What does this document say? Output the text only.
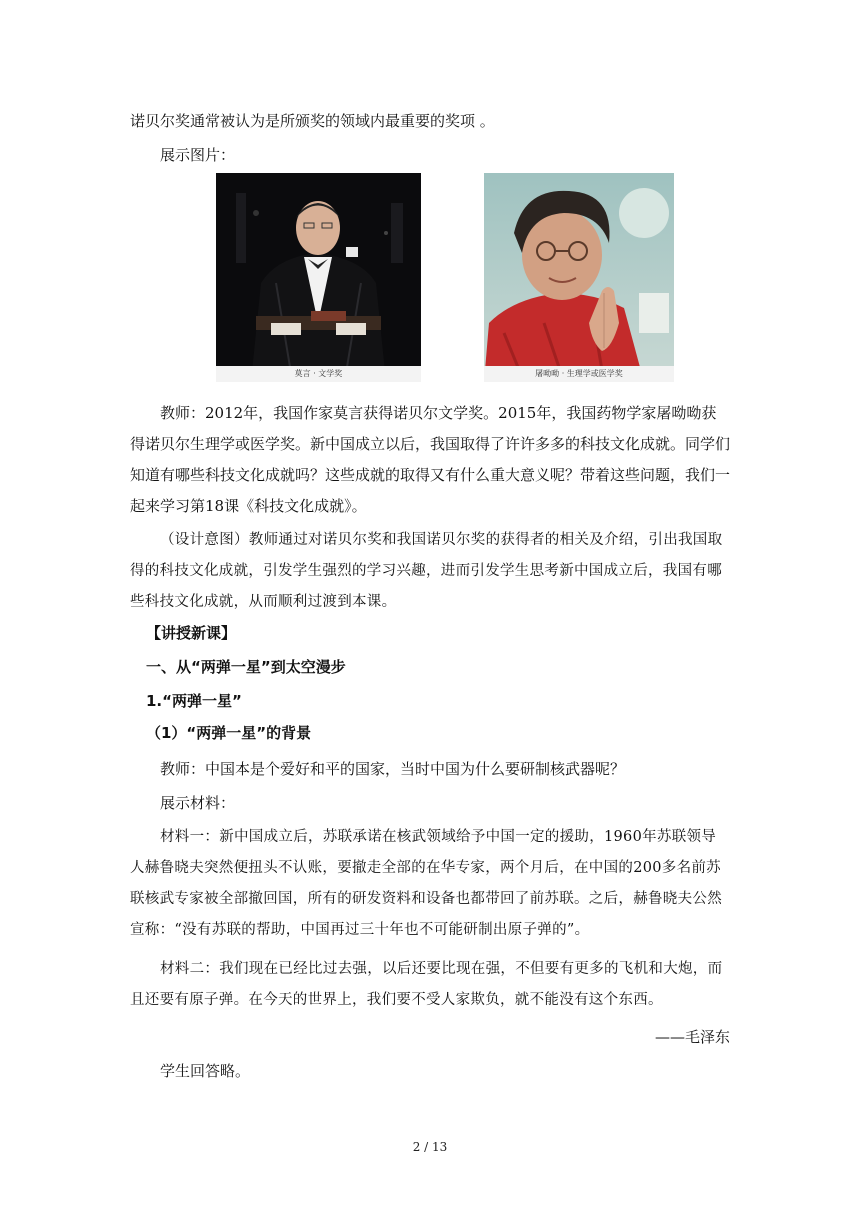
诺贝尔奖通常被认为是所颁奖的领域内最重要的奖项 。

展示图片：

莫言 · 文学奖	屠呦呦 · 生理学或医学奖

教师：2012年，我国作家莫言获得诺贝尔文学奖。2015年，我国药物学家屠呦呦获得诺贝尔生理学或医学奖。新中国成立以后，我国取得了许许多多的科技文化成就。同学们知道有哪些科技文化成就吗？这些成就的取得又有什么重大意义呢？带着这些问题，我们一起来学习第18课《科技文化成就》。

（设计意图）教师通过对诺贝尔奖和我国诺贝尔奖的获得者的相关及介绍，引出我国取得的科技文化成就，引发学生强烈的学习兴趣，进而引发学生思考新中国成立后，我国有哪些科技文化成就，从而顺利过渡到本课。

【讲授新课】

一、从“两弹一星”到太空漫步

1.“两弹一星”

（1）“两弹一星”的背景

教师：中国本是个爱好和平的国家，当时中国为什么要研制核武器呢？

展示材料：

材料一：新中国成立后，苏联承诺在核武领域给予中国一定的援助，1960年苏联领导人赫鲁晓夫突然便扭头不认账，要撤走全部的在华专家，两个月后，在中国的200多名前苏联核武专家被全部撤回国，所有的研发资料和设备也都带回了前苏联。之后，赫鲁晓夫公然宣称：“没有苏联的帮助，中国再过三十年也不可能研制出原子弹的”。

材料二：我们现在已经比过去强，以后还要比现在强，不但要有更多的飞机和大炮，而且还要有原子弹。在今天的世界上，我们要不受人家欺负，就不能没有这个东西。

——毛泽东

学生回答略。

2 / 13
